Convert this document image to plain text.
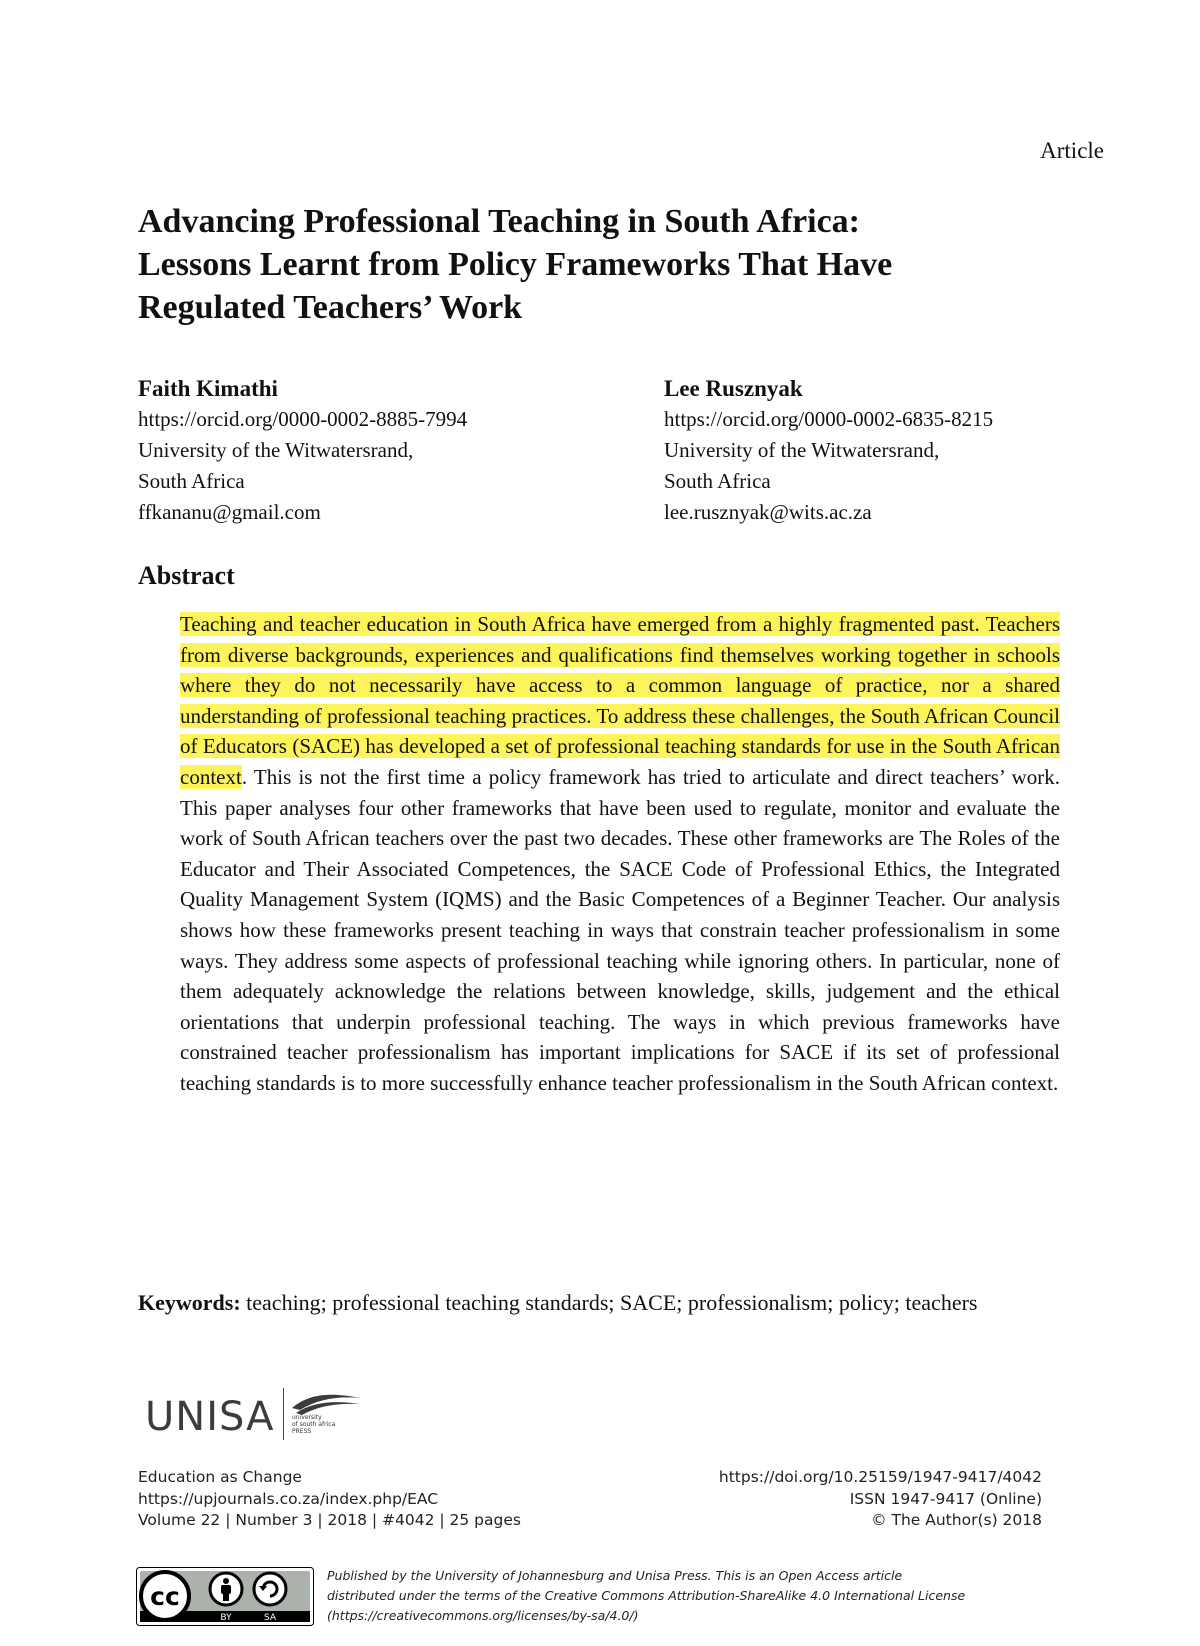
Article
Advancing Professional Teaching in South Africa:
Lessons Learnt from Policy Frameworks That Have
Regulated Teachers’ Work
Faith Kimathi
https://orcid.org/0000-0002-8885-7994
University of the Witwatersrand,
South Africa
ffkananu@gmail.com
Lee Rusznyak
https://orcid.org/0000-0002-6835-8215
University of the Witwatersrand,
South Africa
lee.rusznyak@wits.ac.za
Abstract

Teaching and teacher education in South Africa have emerged from a highly fragmented past. Teachers from diverse backgrounds, experiences and qualifications find themselves working together in schools where they do not necessarily have access to a common language of practice, nor a shared understanding of professional teaching practices. To address these challenges, the South African Council of Educators (SACE) has developed a set of professional teaching standards for use in the South African context. This is not the first time a policy framework has tried to articulate and direct teachers’ work. This paper analyses four other frameworks that have been used to regulate, monitor and evaluate the work of South African teachers over the past two decades. These other frameworks are The Roles of the Educator and Their Associated Competences, the SACE Code of Professional Ethics, the Integrated Quality Management System (IQMS) and the Basic Competences of a Beginner Teacher. Our analysis shows how these frameworks present teaching in ways that constrain teacher professionalism in some ways. They address some aspects of professional teaching while ignoring others. In particular, none of them adequately acknowledge the relations between knowledge, skills, judgement and the ethical orientations that underpin professional teaching. The ways in which previous frameworks have constrained teacher professionalism has important implications for SACE if its set of professional teaching standards is to more successfully enhance teacher professionalism in the South African context.

Keywords: teaching; professional teaching standards; SACE; professionalism; policy; teachers

UNISA	university
of south africa
PRESS
Education as Change
https://upjournals.co.za/index.php/EAC
Volume 22 | Number 3 | 2018 | #4042 | 25 pages
https://doi.org/10.25159/1947-9417/4042
ISSN 1947-9417 (Online)
© The Author(s) 2018
cc
BY	SA
Published by the University of Johannesburg and Unisa Press. This is an Open Access article
distributed under the terms of the Creative Commons Attribution-ShareAlike 4.0 International License
(https://creativecommons.org/licenses/by-sa/4.0/)
